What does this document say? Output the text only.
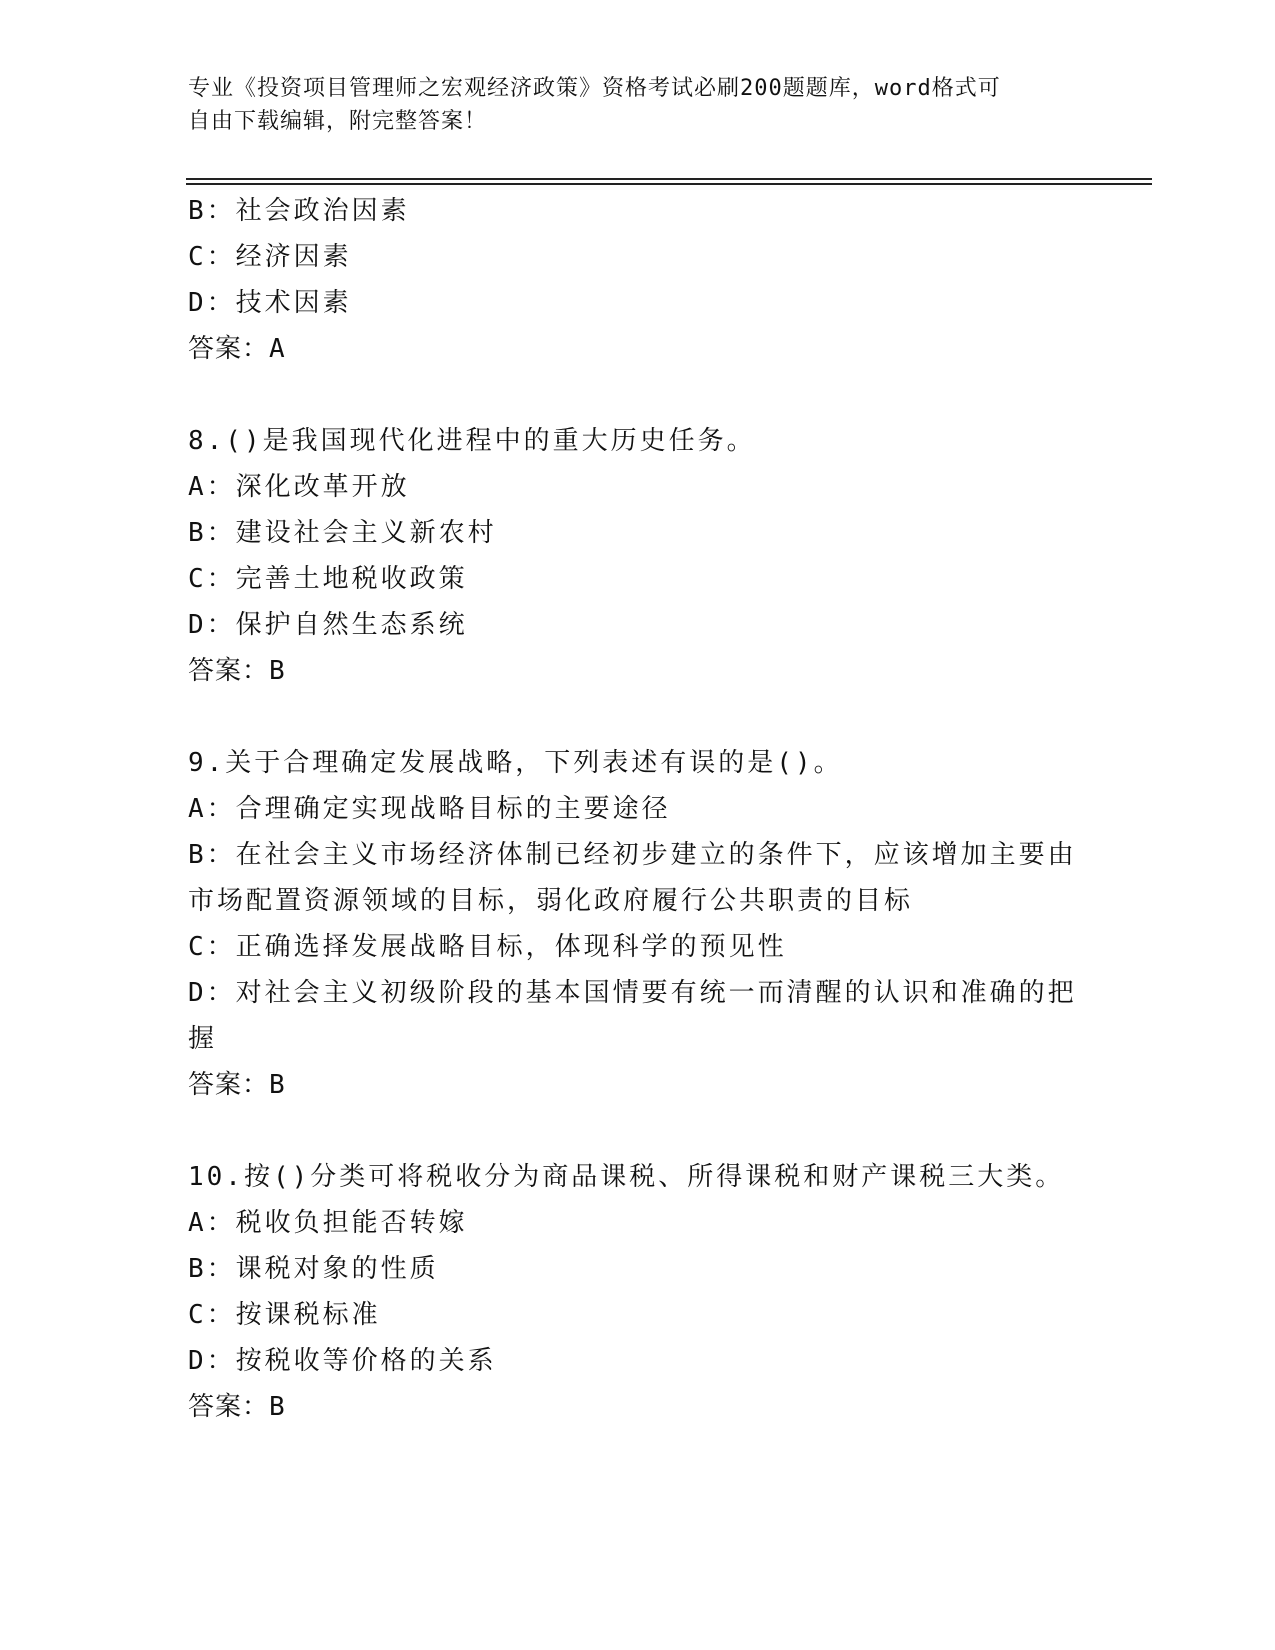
专业《投资项目管理师之宏观经济政策》资格考试必刷200题题库，word格式可
自由下载编辑，附完整答案！
B：社会政治因素
C：经济因素
D：技术因素
答案：A
8.()是我国现代化进程中的重大历史任务。
A：深化改革开放
B：建设社会主义新农村
C：完善土地税收政策
D：保护自然生态系统
答案：B
9.关于合理确定发展战略，下列表述有误的是()。
A：合理确定实现战略目标的主要途径
B：在社会主义市场经济体制已经初步建立的条件下，应该增加主要由
市场配置资源领域的目标，弱化政府履行公共职责的目标
C：正确选择发展战略目标，体现科学的预见性
D：对社会主义初级阶段的基本国情要有统一而清醒的认识和准确的把
握
答案：B
10.按()分类可将税收分为商品课税、所得课税和财产课税三大类。
A：税收负担能否转嫁
B：课税对象的性质
C：按课税标准
D：按税收等价格的关系
答案：B
